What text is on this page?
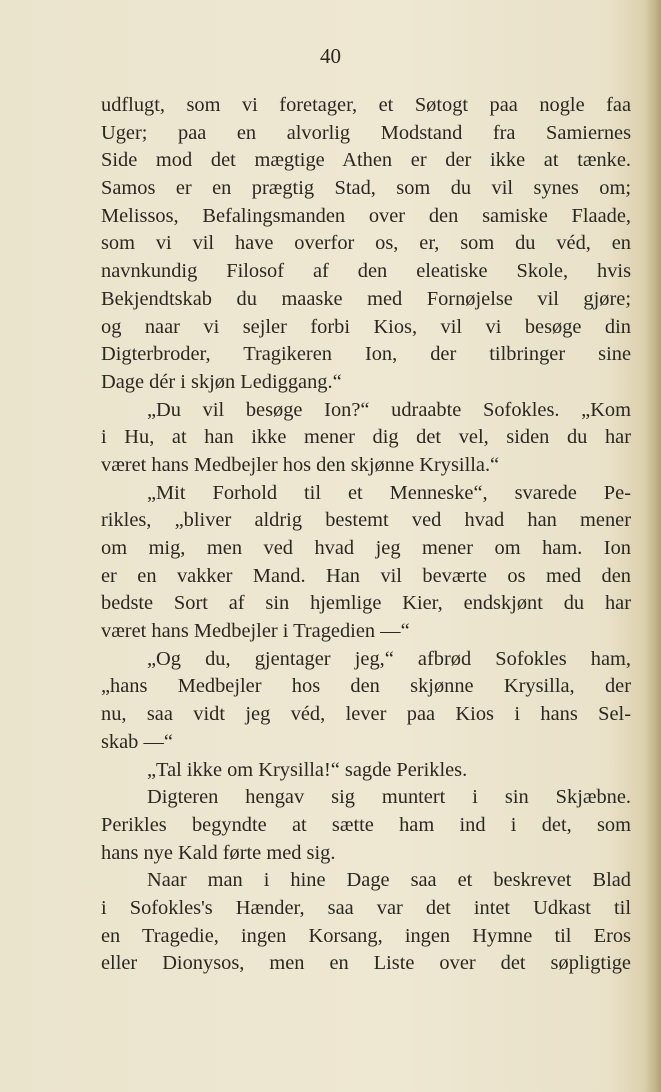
40
udflugt, som vi foretager, et Søtogt paa nogle faa
Uger; paa en alvorlig Modstand fra Samiernes
Side mod det mægtige Athen er der ikke at tænke.
Samos er en prægtig Stad, som du vil synes om;
Melissos, Befalingsmanden over den samiske Flaade,
som vi vil have overfor os, er, som du véd, en
navnkundig Filosof af den eleatiske Skole, hvis
Bekjendtskab du maaske med Fornøjelse vil gjøre;
og naar vi sejler forbi Kios, vil vi besøge din
Digterbroder, Tragikeren Ion, der tilbringer sine
Dage dér i skjøn Lediggang.“
„Du vil besøge Ion?“ udraabte Sofokles. „Kom
i Hu, at han ikke mener dig det vel, siden du har
været hans Medbejler hos den skjønne Krysilla.“
„Mit Forhold til et Menneske“, svarede Pe-
rikles, „bliver aldrig bestemt ved hvad han mener
om mig, men ved hvad jeg mener om ham. Ion
er en vakker Mand. Han vil beværte os med den
bedste Sort af sin hjemlige Kier, endskjønt du har
været hans Medbejler i Tragedien —“
„Og du, gjentager jeg,“ afbrød Sofokles ham,
„hans Medbejler hos den skjønne Krysilla, der
nu, saa vidt jeg véd, lever paa Kios i hans Sel-
skab —“
„Tal ikke om Krysilla!“ sagde Perikles.
Digteren hengav sig muntert i sin Skjæbne.
Perikles begyndte at sætte ham ind i det, som
hans nye Kald førte med sig.
Naar man i hine Dage saa et beskrevet Blad
i Sofokles's Hænder, saa var det intet Udkast til
en Tragedie, ingen Korsang, ingen Hymne til Eros
eller Dionysos, men en Liste over det søpligtige
